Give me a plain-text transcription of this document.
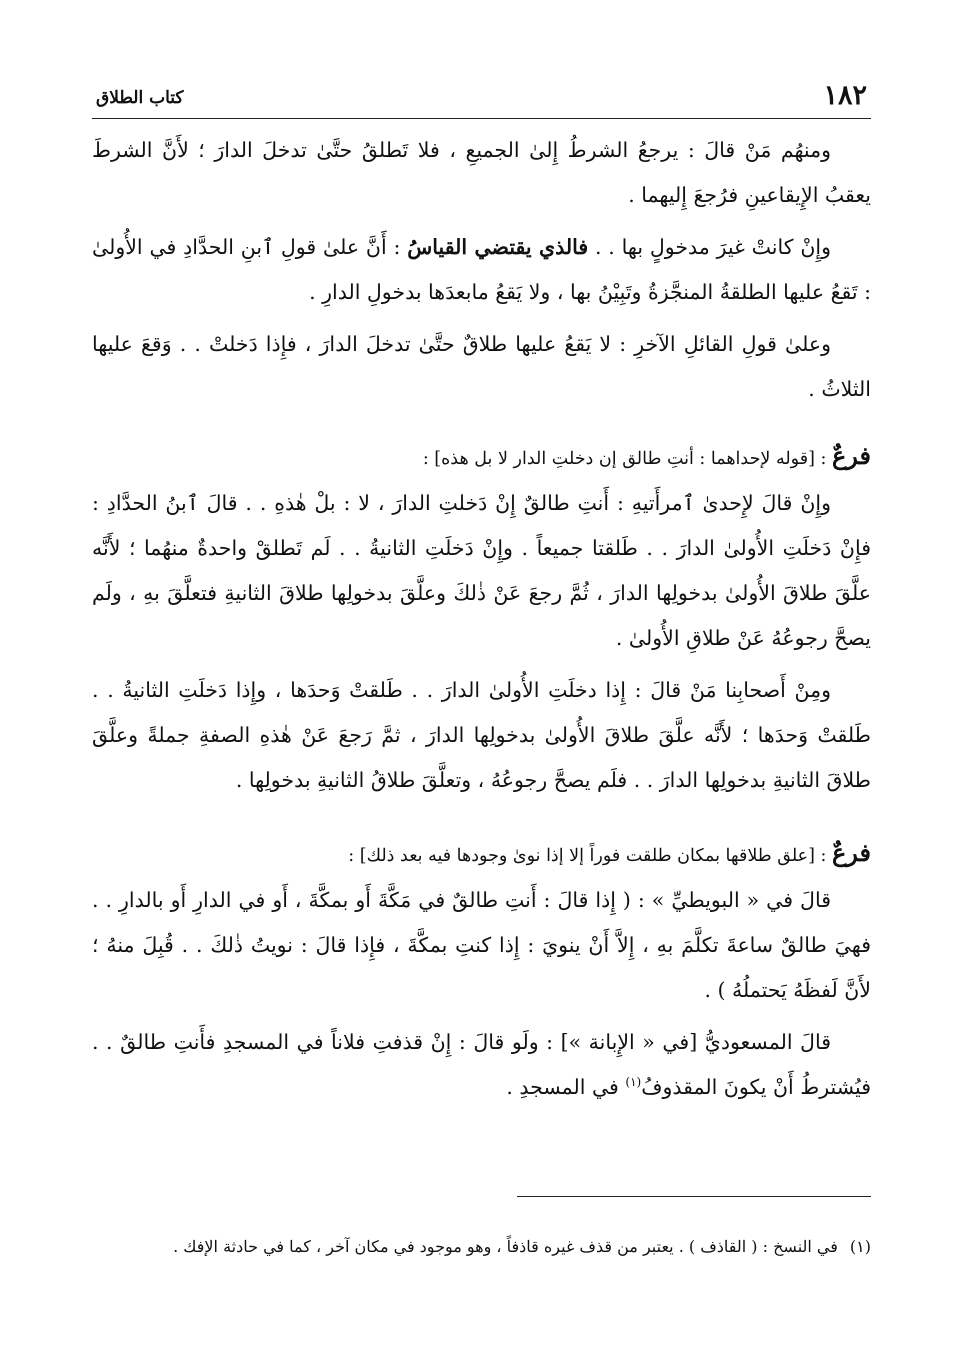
١٨٢
كتاب الطلاق

ومنهُم مَنْ قالَ : يرجعُ الشرطُ إِلىٰ الجميعِ ، فلا تَطلقُ حتَّىٰ تدخلَ الدارَ ؛ لأَنَّ الشرطَ يعقبُ الإِيقاعينِ فرُجعَ إِليهما .

وإِنْ كانتْ غيرَ مدخولٍ بها . . فالذي يقتضي القياسُ : أَنَّ علىٰ قولِ ٱبنِ الحدَّادِ في الأُولىٰ : تَقعُ عليها الطلقةُ المنجَّزةُ وتَبِيْنُ بها ، ولا يَقعُ مابعدَها بدخولِ الدارِ .

وعلىٰ قولِ القائلِ الآخرِ : لا يَقعُ عليها طلاقٌ حتَّىٰ تدخلَ الدارَ ، فإِذا دَخلتْ . . وَقعَ عليها الثلاثُ .

فرعٌ : [قوله لإحداهما : أنتِ طالق إن دخلتِ الدار لا بل هذه] :

وإِنْ قالَ لإِحدىٰ ٱمرأَتيهِ : أَنتِ طالقٌ إِنْ دَخلتِ الدارَ ، لا : بلْ هٰذهِ . . قالَ ٱبنُ الحدَّادِ : فإِنْ دَخلَتِ الأُولىٰ الدارَ . . طَلقتا جميعاً . وإِنْ دَخلَتِ الثانيةُ . . لَم تَطلقْ واحدةٌ منهُما ؛ لأَنَّه علَّقَ طلاقَ الأُولىٰ بدخولِها الدارَ ، ثُمَّ رجعَ عَنْ ذٰلكَ وعلَّقَ بدخولِها طلاقَ الثانيةِ فتعلَّقَ بهِ ، ولَم يصحَّ رجوعُهُ عَنْ طلاقِ الأُولىٰ .

ومِنْ أَصحابِنا مَنْ قالَ : إِذا دخلَتِ الأُولىٰ الدارَ . . طَلقتْ وَحدَها ، وإِذا دَخلَتِ الثانيةُ . . طَلقتْ وَحدَها ؛ لأَنَّه علَّقَ طلاقَ الأُولىٰ بدخولِها الدارَ ، ثمَّ رَجعَ عَنْ هٰذهِ الصفةِ جملةً وعلَّقَ طلاقَ الثانيةِ بدخولِها الدارَ . . فلَم يصحَّ رجوعُهُ ، وتعلَّقَ طلاقُ الثانيةِ بدخولِها .

فرعٌ : [علق طلاقها بمكان طلقت فوراً إلا إذا نوىٰ وجودها فيه بعد ذلك] :

قالَ في « البويطيِّ » : ( إِذا قالَ : أَنتِ طالقٌ في مَكَّةَ أَو بمكَّةَ ، أَو في الدارِ أَو بالدارِ . . فهيَ طالقٌ ساعةَ تكلَّمَ بهِ ، إِلاَّ أَنْ ينويَ : إِذا كنتِ بمكَّةَ ، فإِذا قالَ : نويتُ ذٰلكَ . . قُبِلَ منهُ ؛ لأَنَّ لَفظَهُ يَحتملُهُ ) .

قالَ المسعوديُّ [في « الإِبانة »] : ولَو قالَ : إِنْ قذفتِ فلاناً في المسجدِ فأَنتِ طالقٌ . . فيُشترطُ أَنْ يكونَ المقذوفُ$^{(١)}$ في المسجدِ .

(١)في النسخ : ( القاذف ) . يعتبر من قذف غيره قاذفاً ، وهو موجود في مكان آخر ، كما في حادثة الإفك .
